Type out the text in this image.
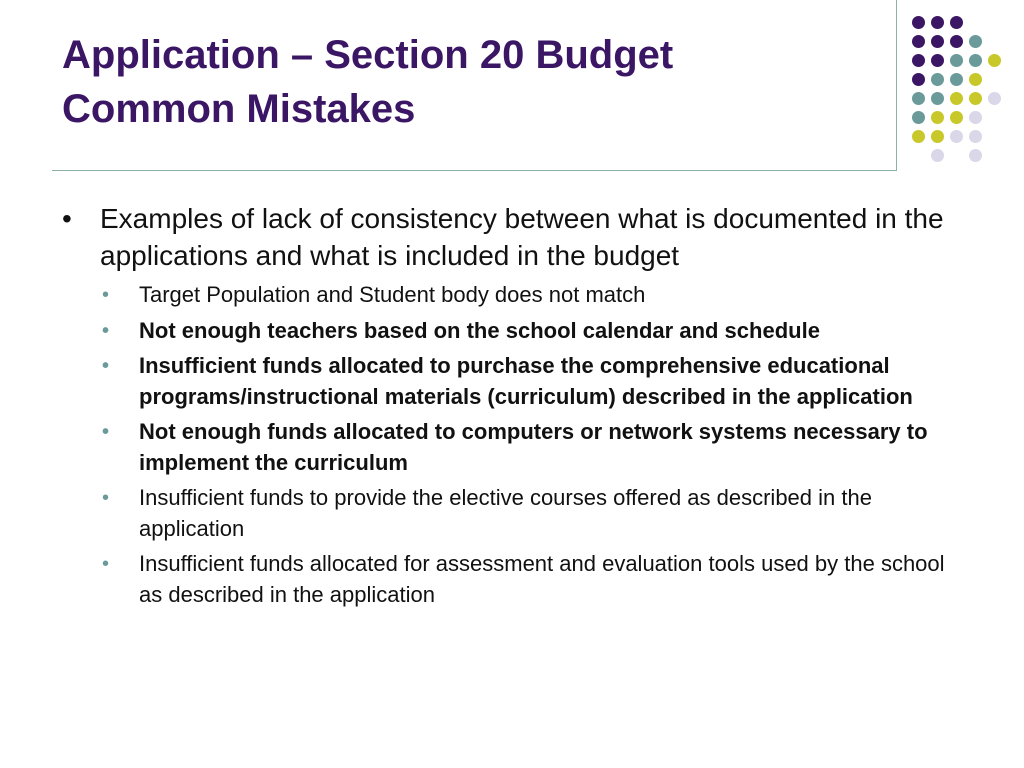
Application – Section 20 Budget
Common Mistakes
• Examples of lack of consistency between what is documented in the applications and what is included in the budget
• Target Population and Student body does not match
• Not enough teachers based on the school calendar and schedule
• Insufficient funds allocated to purchase the comprehensive educational programs/instructional materials (curriculum) described in the application
• Not enough funds allocated to computers or network systems necessary to implement the curriculum
• Insufficient funds to provide the elective courses offered as described in the application
• Insufficient funds allocated for assessment and evaluation tools used by the school as described in the application
